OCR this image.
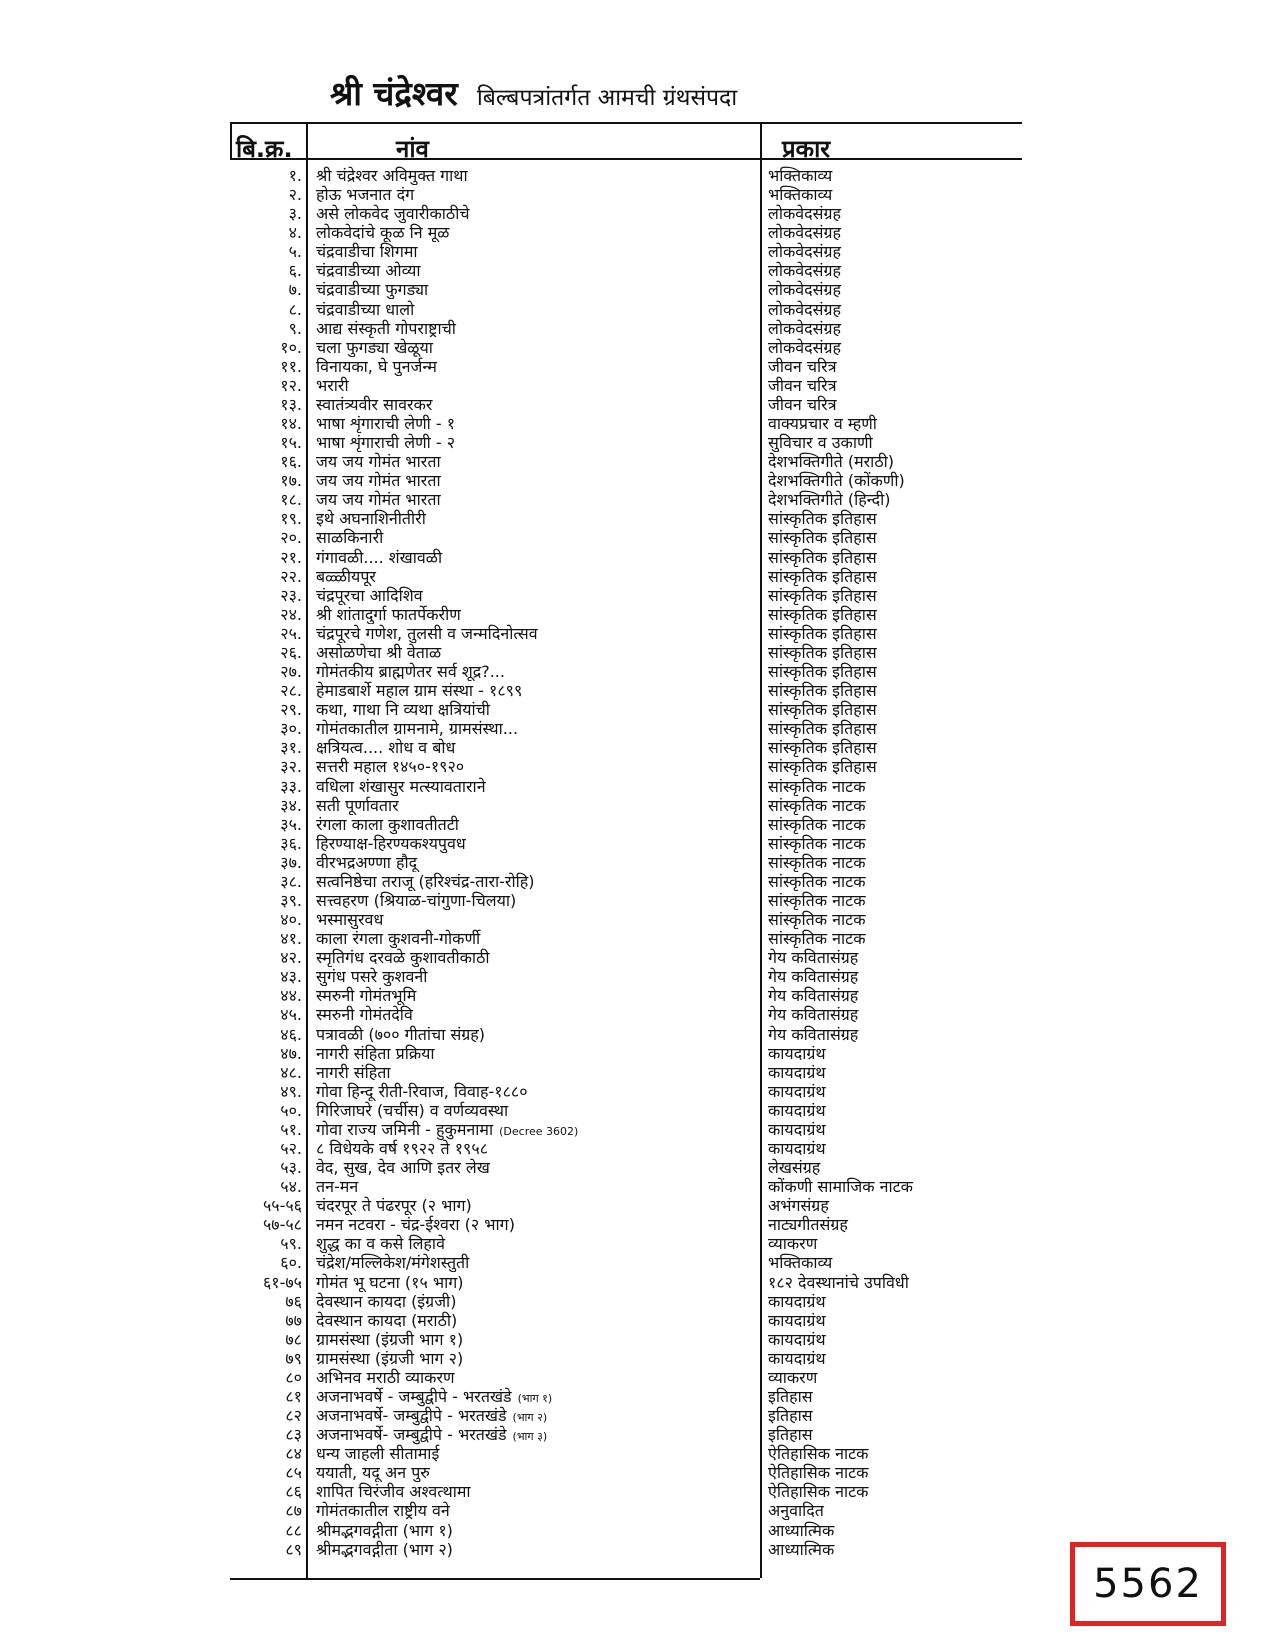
श्री चंद्रेश्वर बिल्बपत्रांतर्गत आमची ग्रंथसंपदा
बि.क्र.	नांव	प्रकार
१. श्री चंद्रेश्वर अविमुक्त गाथा	भक्तिकाव्य
२. होऊ भजनात दंग	भक्तिकाव्य
३. असे लोकवेद जुवारीकाठीचे	लोकवेदसंग्रह
४. लोकवेदांचे कूळ नि मूळ	लोकवेदसंग्रह
५. चंद्रवाडीचा शिगमा	लोकवेदसंग्रह
६. चंद्रवाडीच्या ओव्या	लोकवेदसंग्रह
७. चंद्रवाडीच्या फुगड्या	लोकवेदसंग्रह
८. चंद्रवाडीच्या धालो	लोकवेदसंग्रह
९. आद्य संस्कृती गोपराष्ट्राची	लोकवेदसंग्रह
१०. चला फुगड्या खेळूया	लोकवेदसंग्रह
११. विनायका, घे पुनर्जन्म	जीवन चरित्र
१२. भरारी	जीवन चरित्र
१३. स्वातंत्र्यवीर सावरकर	जीवन चरित्र
१४. भाषा शृंगाराची लेणी - १	वाक्यप्रचार व म्हणी
१५. भाषा शृंगाराची लेणी - २	सुविचार व उकाणी
१६. जय जय गोमंत भारता	देशभक्तिगीते (मराठी)
१७. जय जय गोमंत भारता	देशभक्तिगीते (कोंकणी)
१८. जय जय गोमंत भारता	देशभक्तिगीते (हिन्दी)
१९. इथे अघनाशिनीतीरी	सांस्कृतिक इतिहास
२०. साळकिनारी	सांस्कृतिक इतिहास
२१. गंगावळी.... शंखावळी	सांस्कृतिक इतिहास
२२. बळ्ळीयपूर	सांस्कृतिक इतिहास
२३. चंद्रपूरचा आदिशिव	सांस्कृतिक इतिहास
२४. श्री शांतादुर्गा फातर्पेकरीण	सांस्कृतिक इतिहास
२५. चंद्रपूरचे गणेश, तुलसी व जन्मदिनोत्सव	सांस्कृतिक इतिहास
२६. असोळणेचा श्री वेताळ	सांस्कृतिक इतिहास
२७. गोमंतकीय ब्राह्मणेतर सर्व शूद्र?...	सांस्कृतिक इतिहास
२८. हेमाडबार्शे महाल ग्राम संस्था - १८९९	सांस्कृतिक इतिहास
२९. कथा, गाथा नि व्यथा क्षत्रियांची	सांस्कृतिक इतिहास
३०. गोमंतकातील ग्रामनामे, ग्रामसंस्था...	सांस्कृतिक इतिहास
३१. क्षत्रियत्व.... शोध व बोध	सांस्कृतिक इतिहास
३२. सत्तरी महाल १४५०-१९२०	सांस्कृतिक इतिहास
३३. वधिला शंखासुर मत्स्यावताराने	सांस्कृतिक नाटक
३४. सती पूर्णावतार	सांस्कृतिक नाटक
३५. रंगला काला कुशावतीतटी	सांस्कृतिक नाटक
३६. हिरण्याक्ष-हिरण्यकश्यपुवध	सांस्कृतिक नाटक
३७. वीरभद्रअण्णा हौदू	सांस्कृतिक नाटक
३८. सत्वनिष्ठेचा तराजू (हरिश्चंद्र-तारा-रोहि)	सांस्कृतिक नाटक
३९. सत्त्वहरण (श्रियाळ-चांगुणा-चिलया)	सांस्कृतिक नाटक
४०. भस्मासुरवध	सांस्कृतिक नाटक
४१. काला रंगला कुशवनी-गोकर्णी	सांस्कृतिक नाटक
४२. स्मृतिगंध दरवळे कुशावतीकाठी	गेय कवितासंग्रह
४३. सुगंध पसरे कुशवनी	गेय कवितासंग्रह
४४. स्मरुनी गोमंतभूमि	गेय कवितासंग्रह
४५. स्मरुनी गोमंतदेवि	गेय कवितासंग्रह
४६. पत्रावळी (७०० गीतांचा संग्रह)	गेय कवितासंग्रह
४७. नागरी संहिता प्रक्रिया	कायदाग्रंथ
४८. नागरी संहिता	कायदाग्रंथ
४९. गोवा हिन्दू रीती-रिवाज, विवाह-१८८०	कायदाग्रंथ
५०. गिरिजाघरे (चर्चीस) व वर्णव्यवस्था	कायदाग्रंथ
५१. गोवा राज्य जमिनी - हुकुमनामा (Decree 3602)	कायदाग्रंथ
५२. ८ विधेयके वर्ष १९२२ ते १९५८	कायदाग्रंथ
५३. वेद, सुख, देव आणि इतर लेख	लेखसंग्रह
५४. तन-मन	कोंकणी सामाजिक नाटक
५५-५६ चंदरपूर ते पंढरपूर (२ भाग)	अभंगसंग्रह
५७-५८ नमन नटवरा - चंद्र-ईश्वरा (२ भाग)	नाट्यगीतसंग्रह
५९. शुद्ध का व कसे लिहावे	व्याकरण
६०. चंद्रेश/मल्लिकेश/मंगेशस्तुती	भक्तिकाव्य
६१-७५ गोमंत भू घटना (१५ भाग)	१८२ देवस्थानांचे उपविधी
७६ देवस्थान कायदा (इंग्रजी)	कायदाग्रंथ
७७ देवस्थान कायदा (मराठी)	कायदाग्रंथ
७८ ग्रामसंस्था (इंग्रजी भाग १)	कायदाग्रंथ
७९ ग्रामसंस्था (इंग्रजी भाग २)	कायदाग्रंथ
८० अभिनव मराठी व्याकरण	व्याकरण
८१ अजनाभवर्षे - जम्बुद्वीपे - भरतखंडे (भाग १)	इतिहास
८२ अजनाभवर्षे- जम्बुद्वीपे - भरतखंडे (भाग २)	इतिहास
८३ अजनाभवर्षे- जम्बुद्वीपे - भरतखंडे (भाग ३)	इतिहास
८४ धन्य जाहली सीतामाई	ऐतिहासिक नाटक
८५ ययाती, यदू अन पुरु	ऐतिहासिक नाटक
८६ शापित चिरंजीव अश्वत्थामा	ऐतिहासिक नाटक
८७ गोमंतकातील राष्ट्रीय वने	अनुवादित
८८ श्रीमद्भगवद्गीता (भाग १)	आध्यात्मिक
८९ श्रीमद्भगवद्गीता (भाग २)	आध्यात्मिक
5562
